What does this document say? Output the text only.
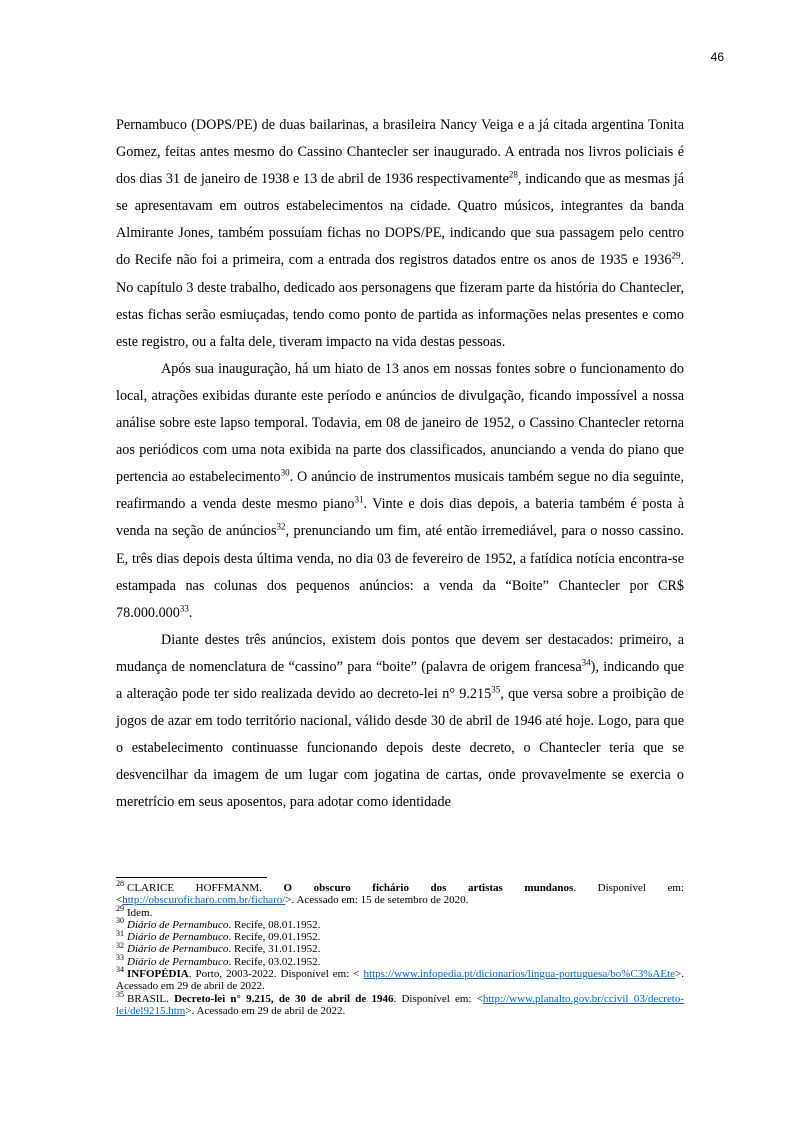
46

Pernambuco (DOPS/PE) de duas bailarinas, a brasileira Nancy Veiga e a já citada argentina Tonita Gomez, feitas antes mesmo do Cassino Chantecler ser inaugurado. A entrada nos livros policiais é dos dias 31 de janeiro de 1938 e 13 de abril de 1936 respectivamente$^{28}$, indicando que as mesmas já se apresentavam em outros estabelecimentos na cidade. Quatro músicos, integrantes da banda Almirante Jones, também possuíam fichas no DOPS/PE, indicando que sua passagem pelo centro do Recife não foi a primeira, com a entrada dos registros datados entre os anos de 1935 e 1936$^{29}$. No capítulo 3 deste trabalho, dedicado aos personagens que fizeram parte da história do Chantecler, estas fichas serão esmiuçadas, tendo como ponto de partida as informações nelas presentes e como este registro, ou a falta dele, tiveram impacto na vida destas pessoas.

Após sua inauguração, há um hiato de 13 anos em nossas fontes sobre o funcionamento do local, atrações exibidas durante este período e anúncios de divulgação, ficando impossível a nossa análise sobre este lapso temporal. Todavia, em 08 de janeiro de 1952, o Cassino Chantecler retorna aos periódicos com uma nota exibida na parte dos classificados, anunciando a venda do piano que pertencia ao estabelecimento$^{30}$. O anúncio de instrumentos musicais também segue no dia seguinte, reafirmando a venda deste mesmo piano$^{31}$. Vinte e dois dias depois, a bateria também é posta à venda na seção de anúncios$^{32}$, prenunciando um fim, até então irremediável, para o nosso cassino. E, três dias depois desta última venda, no dia 03 de fevereiro de 1952, a fatídica notícia encontra-se estampada nas colunas dos pequenos anúncios: a venda da “Boite” Chantecler por CR$ 78.000.000$^{33}$.

Diante destes três anúncios, existem dois pontos que devem ser destacados: primeiro, a mudança de nomenclatura de “cassino” para “boite” (palavra de origem francesa$^{34}$), indicando que a alteração pode ter sido realizada devido ao decreto-lei n° 9.215$^{35}$, que versa sobre a proibição de jogos de azar em todo território nacional, válido desde 30 de abril de 1946 até hoje. Logo, para que o estabelecimento continuasse funcionando depois deste decreto, o Chantecler teria que se desvencilhar da imagem de um lugar com jogatina de cartas, onde provavelmente se exercia o meretrício em seus aposentos, para adotar como identidade

$^{28}$ CLARICE HOFFMANM. O obscuro fichário dos artistas mundanos. Disponível em: <http://obscuroficharo.com.br/ficharo/>. Acessado em: 15 de setembro de 2020.

$^{29}$ Idem.

$^{30}$ Diário de Pernambuco. Recife, 08.01.1952.

$^{31}$ Diário de Pernambuco. Recife, 09.01.1952.

$^{32}$ Diário de Pernambuco. Recife, 31.01.1952.

$^{33}$ Diário de Pernambuco. Recife, 03.02.1952.

$^{34}$ INFOPÉDIA. Porto, 2003-2022. Disponível em: < https://www.infopedia.pt/dicionarios/lingua-portuguesa/bo%C3%AEte>. Acessado em 29 de abril de 2022.

$^{35}$ BRASIL. Decreto-lei n° 9.215, de 30 de abril de 1946. Disponível em: <http://www.planalto.gov.br/ccivil_03/decreto-lei/del9215.htm>. Acessado em 29 de abril de 2022.
